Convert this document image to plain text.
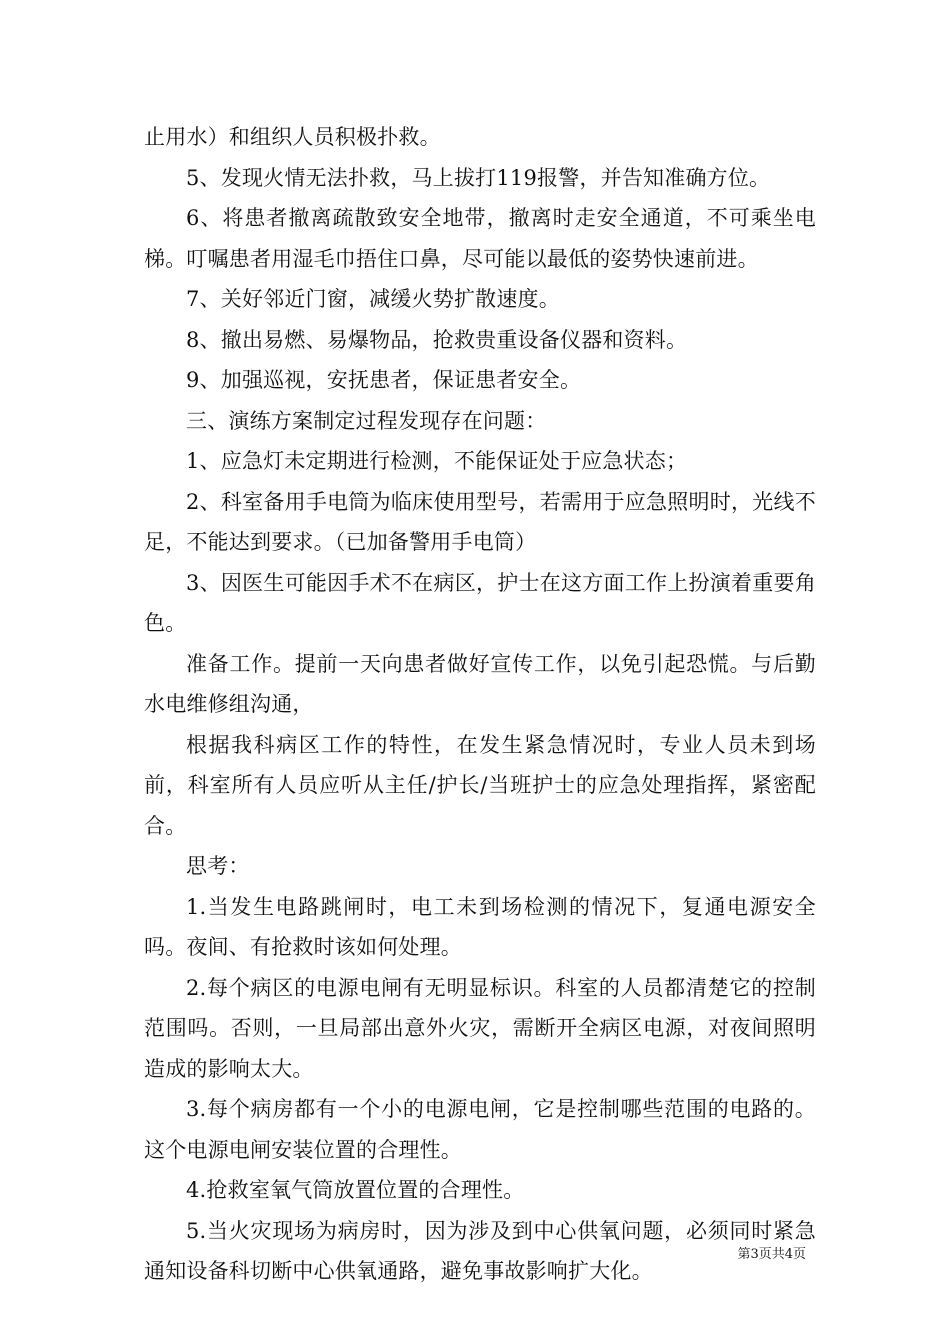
止用水）和组织人员积极扑救。

5、发现火情无法扑救，马上拔打119报警，并告知准确方位。

6、将患者撤离疏散致安全地带，撤离时走安全通道，不可乘坐电梯。叮嘱患者用湿毛巾捂住口鼻，尽可能以最低的姿势快速前进。

7、关好邻近门窗，减缓火势扩散速度。

8、撤出易燃、易爆物品，抢救贵重设备仪器和资料。

9、加强巡视，安抚患者，保证患者安全。

三、演练方案制定过程发现存在问题：

1、应急灯未定期进行检测，不能保证处于应急状态；

2、科室备用手电筒为临床使用型号，若需用于应急照明时，光线不足，不能达到要求。（已加备警用手电筒）

3、因医生可能因手术不在病区，护士在这方面工作上扮演着重要角色。

准备工作。提前一天向患者做好宣传工作，以免引起恐慌。与后勤水电维修组沟通，

根据我科病区工作的特性，在发生紧急情况时，专业人员未到场前，科室所有人员应听从主任/护长/当班护士的应急处理指挥，紧密配合。

思考：

1.当发生电路跳闸时，电工未到场检测的情况下，复通电源安全吗。夜间、有抢救时该如何处理。

2.每个病区的电源电闸有无明显标识。科室的人员都清楚它的控制范围吗。否则，一旦局部出意外火灾，需断开全病区电源，对夜间照明造成的影响太大。

3.每个病房都有一个小的电源电闸，它是控制哪些范围的电路的。这个电源电闸安装位置的合理性。

4.抢救室氧气筒放置位置的合理性。

5.当火灾现场为病房时，因为涉及到中心供氧问题，必须同时紧急通知设备科切断中心供氧通路，避免事故影响扩大化。

第3页共4页
